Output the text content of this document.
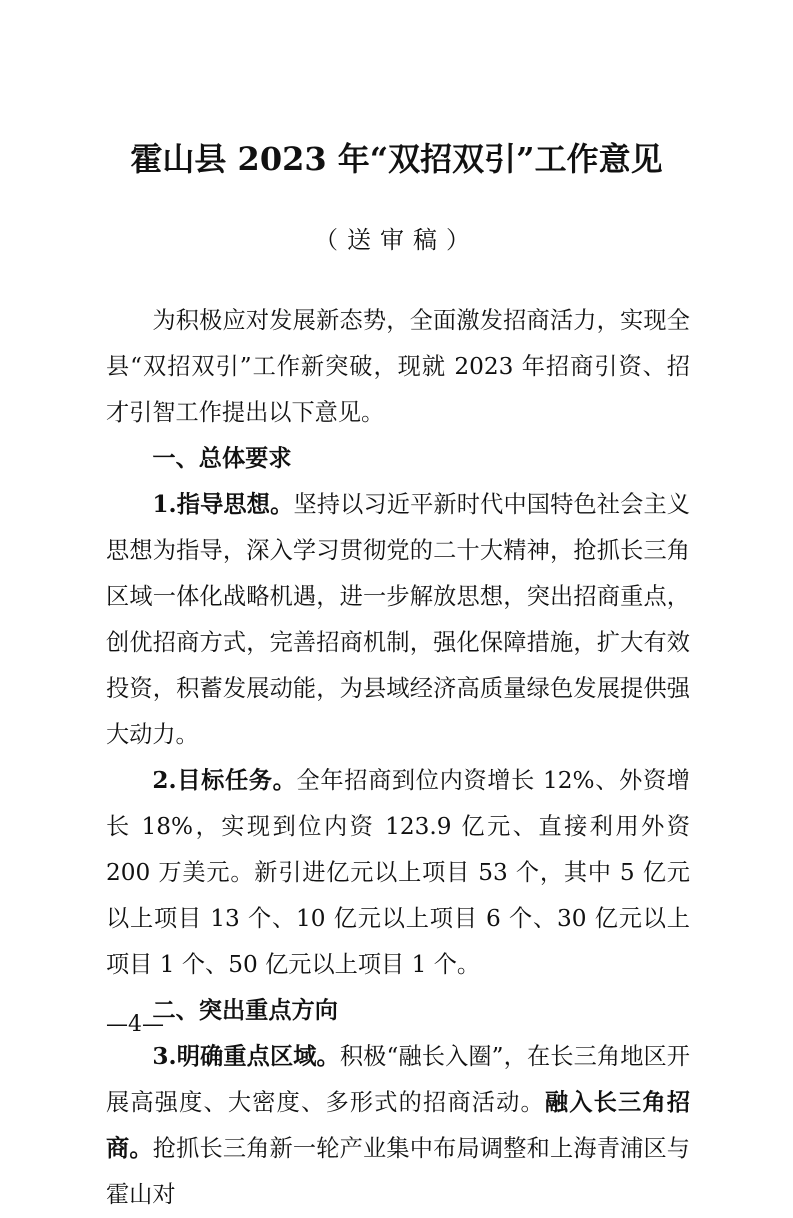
霍山县 2023 年“双招双引”工作意见
（送审稿）

为积极应对发展新态势，全面激发招商活力，实现全县“双招双引”工作新突破，现就 2023 年招商引资、招才引智工作提出以下意见。

一、总体要求

1.指导思想。坚持以习近平新时代中国特色社会主义思想为指导，深入学习贯彻党的二十大精神，抢抓长三角区域一体化战略机遇，进一步解放思想，突出招商重点，创优招商方式，完善招商机制，强化保障措施，扩大有效投资，积蓄发展动能，为县域经济高质量绿色发展提供强大动力。

2.目标任务。全年招商到位内资增长 12%、外资增长 18%，实现到位内资 123.9 亿元、直接利用外资 200 万美元。新引进亿元以上项目 53 个，其中 5 亿元以上项目 13 个、10 亿元以上项目 6 个、30 亿元以上项目 1 个、50 亿元以上项目 1 个。

二、突出重点方向

3.明确重点区域。积极“融长入圈”，在长三角地区开展高强度、大密度、多形式的招商活动。融入长三角招商。抢抓长三角新一轮产业集中布局调整和上海青浦区与霍山对

—4—
